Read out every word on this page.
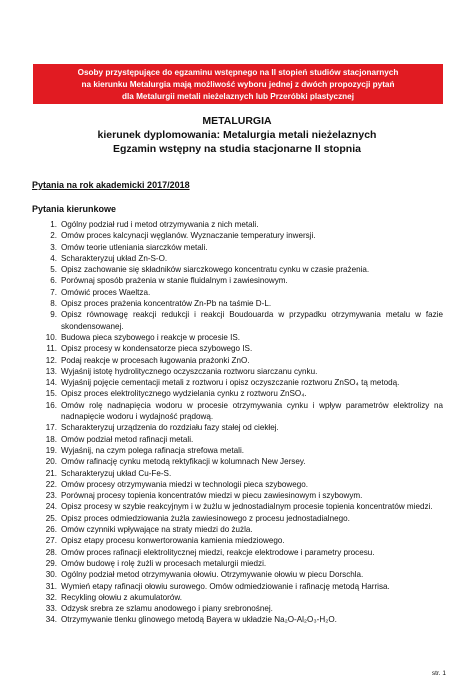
Osoby przystępujące do egzaminu wstępnego na II stopień studiów stacjonarnych
na kierunku Metalurgia mają możliwość wyboru jednej z dwóch propozycji pytań
dla Metalurgii metali nieżelaznych lub Przeróbki plastycznej
METALURGIA
kierunek dyplomowania: Metalurgia metali nieżelaznych
Egzamin wstępny na studia stacjonarne II stopnia
Pytania na rok akademicki 2017/2018
Pytania kierunkowe
1. Ogólny podział rud i metod otrzymywania z nich metali.
2. Omów proces kalcynacji węglanów. Wyznaczanie temperatury inwersji.
3. Omów teorie utleniania siarczków metali.
4. Scharakteryzuj układ Zn-S-O.
5. Opisz zachowanie się składników siarczkowego koncentratu cynku w czasie prażenia.
6. Porównaj sposób prażenia w stanie fluidalnym i zawiesinowym.
7. Omówić proces Waeltza.
8. Opisz proces prażenia koncentratów Zn-Pb na taśmie D-L.
9. Opisz równowagę reakcji redukcji i reakcji Boudouarda w przypadku otrzymywania metalu w fazie skondensowanej.
10. Budowa pieca szybowego i reakcje w procesie IS.
11. Opisz procesy w kondensatorze pieca szybowego IS.
12. Podaj reakcje w procesach ługowania prażonki ZnO.
13. Wyjaśnij istotę hydrolitycznego oczyszczania roztworu siarczanu cynku.
14. Wyjaśnij pojęcie cementacji metali z roztworu i opisz oczyszczanie roztworu ZnSO₄ tą metodą.
15. Opisz proces elektrolitycznego wydzielania cynku z roztworu ZnSO₄.
16. Omów rolę nadnapięcia wodoru w procesie otrzymywania cynku i wpływ parametrów elektrolizy na nadnapięcie wodoru i wydajność prądową.
17. Scharakteryzuj urządzenia do rozdziału fazy stałej od ciekłej.
18. Omów podział metod rafinacji metali.
19. Wyjaśnij, na czym polega rafinacja strefowa metali.
20. Omów rafinację cynku metodą rektyfikacji w kolumnach New Jersey.
21. Scharakteryzuj układ Cu-Fe-S.
22. Omów procesy otrzymywania miedzi w technologii pieca szybowego.
23. Porównaj procesy topienia koncentratów miedzi w piecu zawiesinowym i szybowym.
24. Opisz procesy w szybie reakcyjnym i w żużlu w jednostadialnym procesie topienia koncentratów miedzi.
25. Opisz proces odmiedziowania żużla zawiesinowego z procesu jednostadialnego.
26. Omów czynniki wpływające na straty miedzi do żużla.
27. Opisz etapy procesu konwertorowania kamienia miedziowego.
28. Omów proces rafinacji elektrolitycznej miedzi, reakcje elektrodowe i parametry procesu.
29. Omów budowę i rolę żużli w procesach metalurgii miedzi.
30. Ogólny podział metod otrzymywania ołowiu. Otrzymywanie ołowiu w piecu Dorschla.
31. Wymień etapy rafinacji ołowiu surowego. Omów odmiedziowanie i rafinację metodą Harrisa.
32. Recykling ołowiu z akumulatorów.
33. Odzysk srebra ze szlamu anodowego i piany srebronośnej.
34. Otrzymywanie tlenku glinowego metodą Bayera w układzie Na₂O-Al₂O₃-H₂O.
str. 1
